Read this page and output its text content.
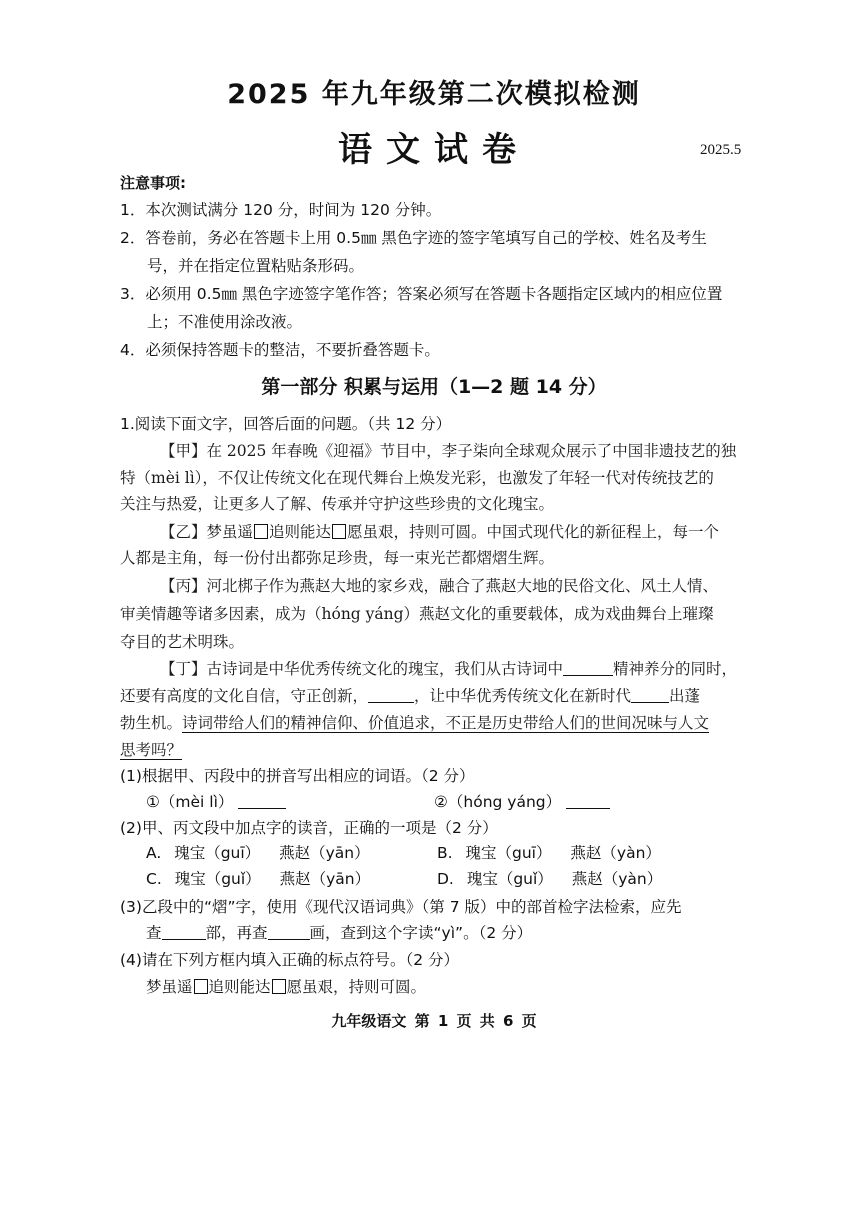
2025 年九年级第二次模拟检测
语文试卷	2025.5
注意事项:
1．本次测试满分 120 分，时间为 120 分钟。
2．答卷前，务必在答题卡上用 0.5㎜ 黑色字迹的签字笔填写自己的学校、姓名及考生
号，并在指定位置粘贴条形码。
3．必须用 0.5㎜ 黑色字迹签字笔作答；答案必须写在答题卡各题指定区域内的相应位置
上；不准使用涂改液。
4．必须保持答题卡的整洁，不要折叠答题卡。
第一部分 积累与运用（1—2 题 14 分）
1.阅读下面文字，回答后面的问题。（共 12 分）
【甲】在 2025 年春晚《迎福》节目中，李子柒向全球观众展示了中国非遗技艺的独
特（mèi lì），不仅让传统文化在现代舞台上焕发光彩，也激发了年轻一代对传统技艺的
关注与热爱，让更多人了解、传承并守护这些珍贵的文化瑰宝。
【乙】梦虽遥 追则能达 愿虽艰，持则可圆。中国式现代化的新征程上，每一个
人都是主角，每一份付出都弥足珍贵，每一束光芒都熠熠生辉。
【丙】河北梆子作为燕赵大地的家乡戏，融合了燕赵大地的民俗文化、风土人情、
审美情趣等诸多因素，成为（hóng yáng）燕赵文化的重要载体，成为戏曲舞台上璀璨
夺目的艺术明珠。
【丁】古诗词是中华优秀传统文化的瑰宝，我们从古诗词中	精神养分的同时，
还要有高度的文化自信，守正创新，	，让中华优秀传统文化在新时代 出蓬
勃生机。诗词带给人们的精神信仰、价值追求，不正是历史带给人们的世间况味与人文
思考吗？
(1)根据甲、丙段中的拼音写出相应的词语。（2 分）
①（mèi lì）	②（hóng yáng）
(2)甲、丙文段中加点字的读音，正确的一项是（2 分）
A. 瑰宝（guī） 燕赵（yān）	B. 瑰宝（guī） 燕赵（yàn）
C. 瑰宝（guǐ） 燕赵（yān）	D. 瑰宝（guǐ） 燕赵（yàn）
(3)乙段中的“熠”字，使用《现代汉语词典》（第 7 版）中的部首检字法检索，应先
查	部，再查	画，查到这个字读“yì”。（2 分）
(4)请在下列方框内填入正确的标点符号。（2 分）
梦虽遥 追则能达 愿虽艰，持则可圆。
九年级语文 第 1 页 共 6 页
